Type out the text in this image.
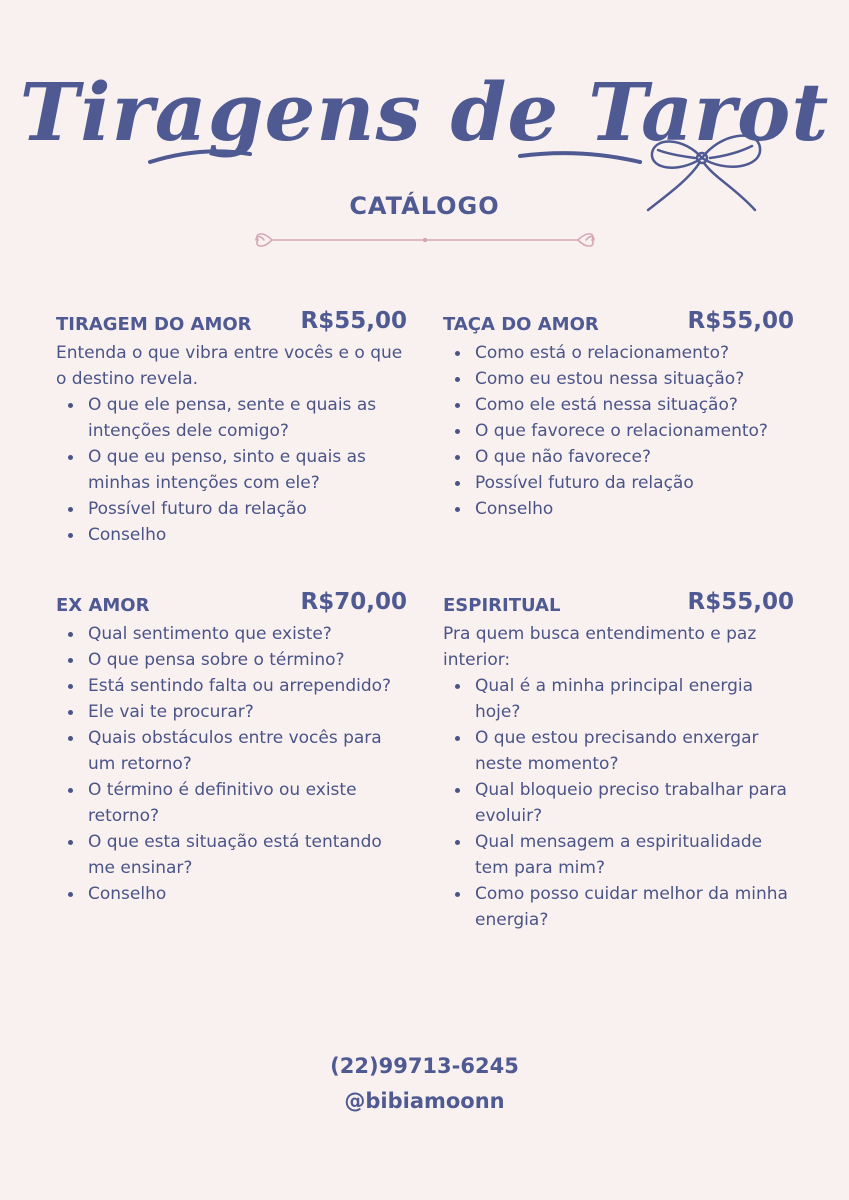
Tiragens de Tarot
CATÁLOGO
TIRAGEM DO AMOR R$55,00
Entenda o que vibra entre vocês e o que o destino revela.
O que ele pensa, sente e quais as intenções dele comigo?
O que eu penso, sinto e quais as minhas intenções com ele?
Possível futuro da relação
Conselho
TAÇA DO AMOR	R$55,00
Como está o relacionamento?
Como eu estou nessa situação?
Como ele está nessa situação?
O que favorece o relacionamento?
O que não favorece?
Possível futuro da relação
Conselho
EX AMOR	R$70,00
Qual sentimento que existe?
O que pensa sobre o término?
Está sentindo falta ou arrependido?
Ele vai te procurar?
Quais obstáculos entre vocês para um retorno?
O término é definitivo ou existe retorno?
O que esta situação está tentando me ensinar?
Conselho
ESPIRITUAL	R$55,00
Pra quem busca entendimento e paz interior:
Qual é a minha principal energia hoje?
O que estou precisando enxergar neste momento?
Qual bloqueio preciso trabalhar para evoluir?
Qual mensagem a espiritualidade tem para mim?
Como posso cuidar melhor da minha energia?
(22)99713-6245
@bibiamoonn
